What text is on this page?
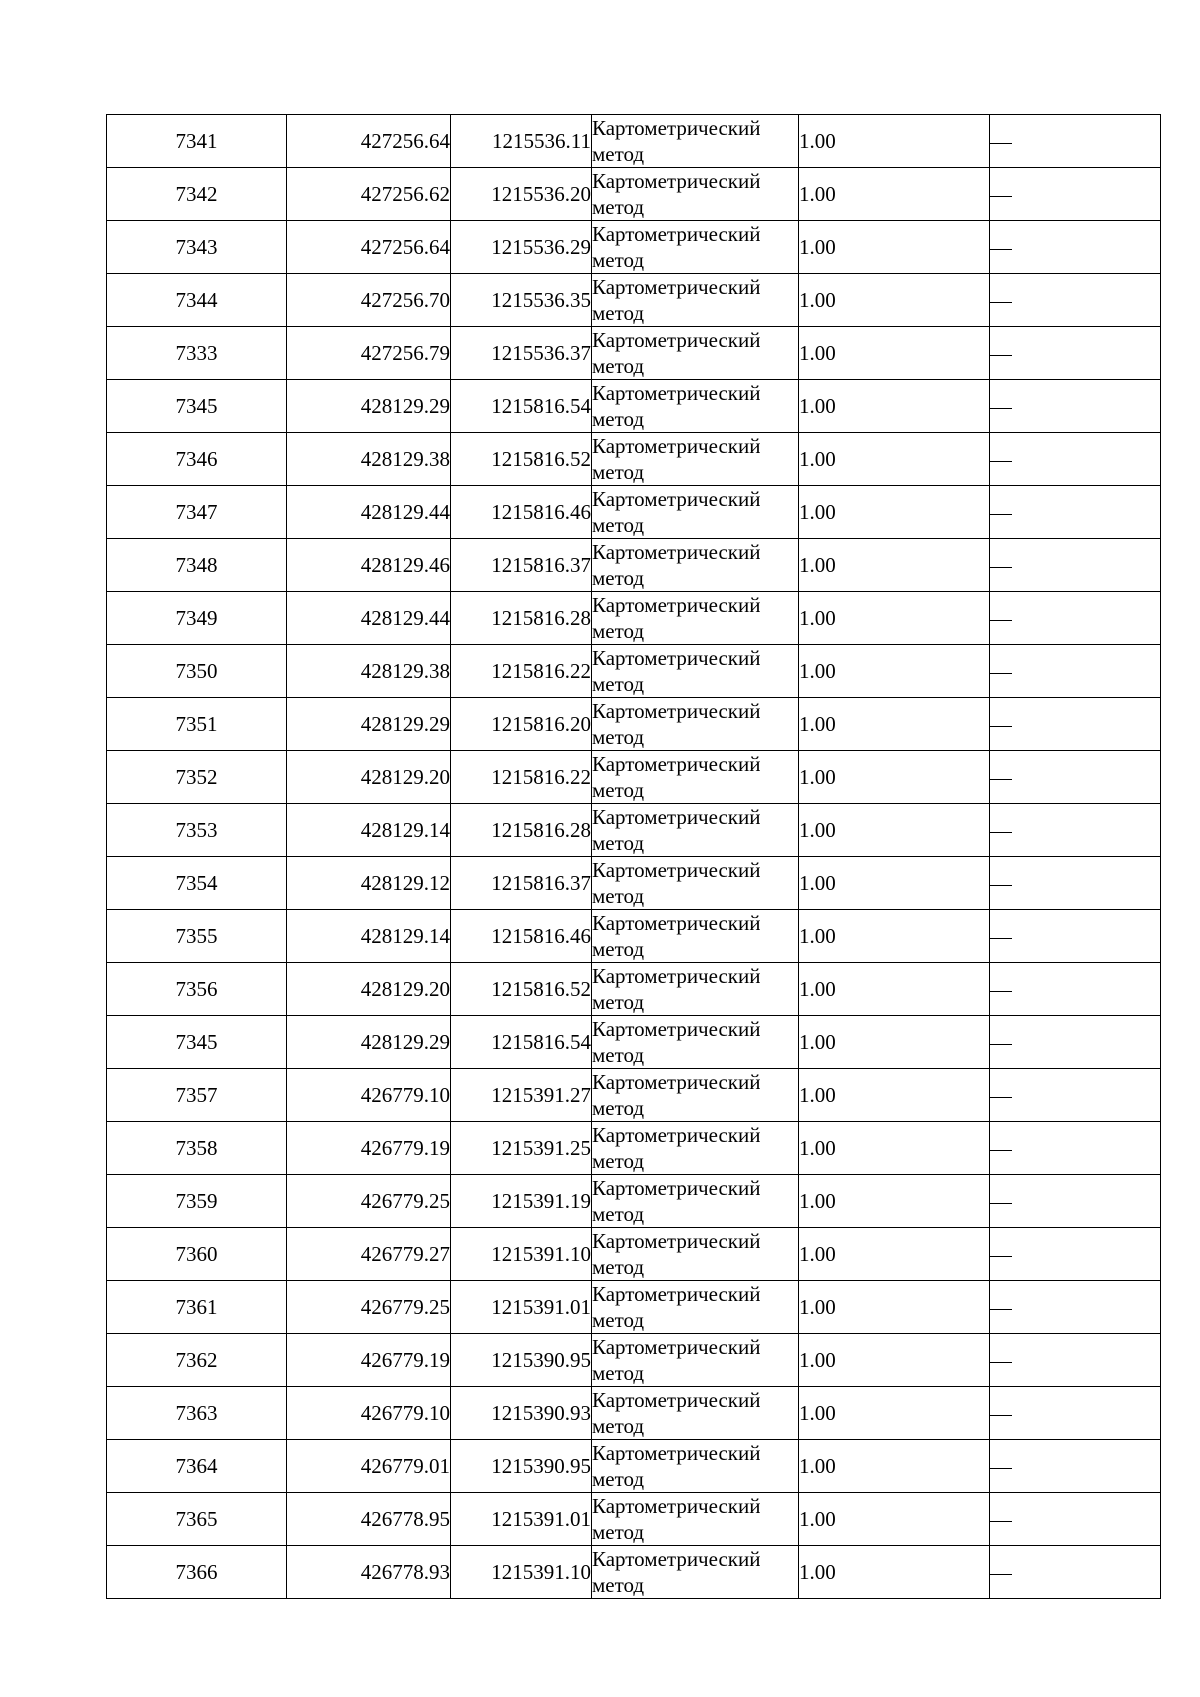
7341	427256.64	1215536.11	Картометрический метод	1.00	
7342	427256.62	1215536.20	Картометрический метод	1.00	
7343	427256.64	1215536.29	Картометрический метод	1.00	
7344	427256.70	1215536.35	Картометрический метод	1.00	
7333	427256.79	1215536.37	Картометрический метод	1.00	
7345	428129.29	1215816.54	Картометрический метод	1.00	
7346	428129.38	1215816.52	Картометрический метод	1.00	
7347	428129.44	1215816.46	Картометрический метод	1.00	
7348	428129.46	1215816.37	Картометрический метод	1.00	
7349	428129.44	1215816.28	Картометрический метод	1.00	
7350	428129.38	1215816.22	Картометрический метод	1.00	
7351	428129.29	1215816.20	Картометрический метод	1.00	
7352	428129.20	1215816.22	Картометрический метод	1.00	
7353	428129.14	1215816.28	Картометрический метод	1.00	
7354	428129.12	1215816.37	Картометрический метод	1.00	
7355	428129.14	1215816.46	Картометрический метод	1.00	
7356	428129.20	1215816.52	Картометрический метод	1.00	
7345	428129.29	1215816.54	Картометрический метод	1.00	
7357	426779.10	1215391.27	Картометрический метод	1.00	
7358	426779.19	1215391.25	Картометрический метод	1.00	
7359	426779.25	1215391.19	Картометрический метод	1.00	
7360	426779.27	1215391.10	Картометрический метод	1.00	
7361	426779.25	1215391.01	Картометрический метод	1.00	
7362	426779.19	1215390.95	Картометрический метод	1.00	
7363	426779.10	1215390.93	Картометрический метод	1.00	
7364	426779.01	1215390.95	Картометрический метод	1.00	
7365	426778.95	1215391.01	Картометрический метод	1.00	
7366	426778.93	1215391.10	Картометрический метод	1.00	
